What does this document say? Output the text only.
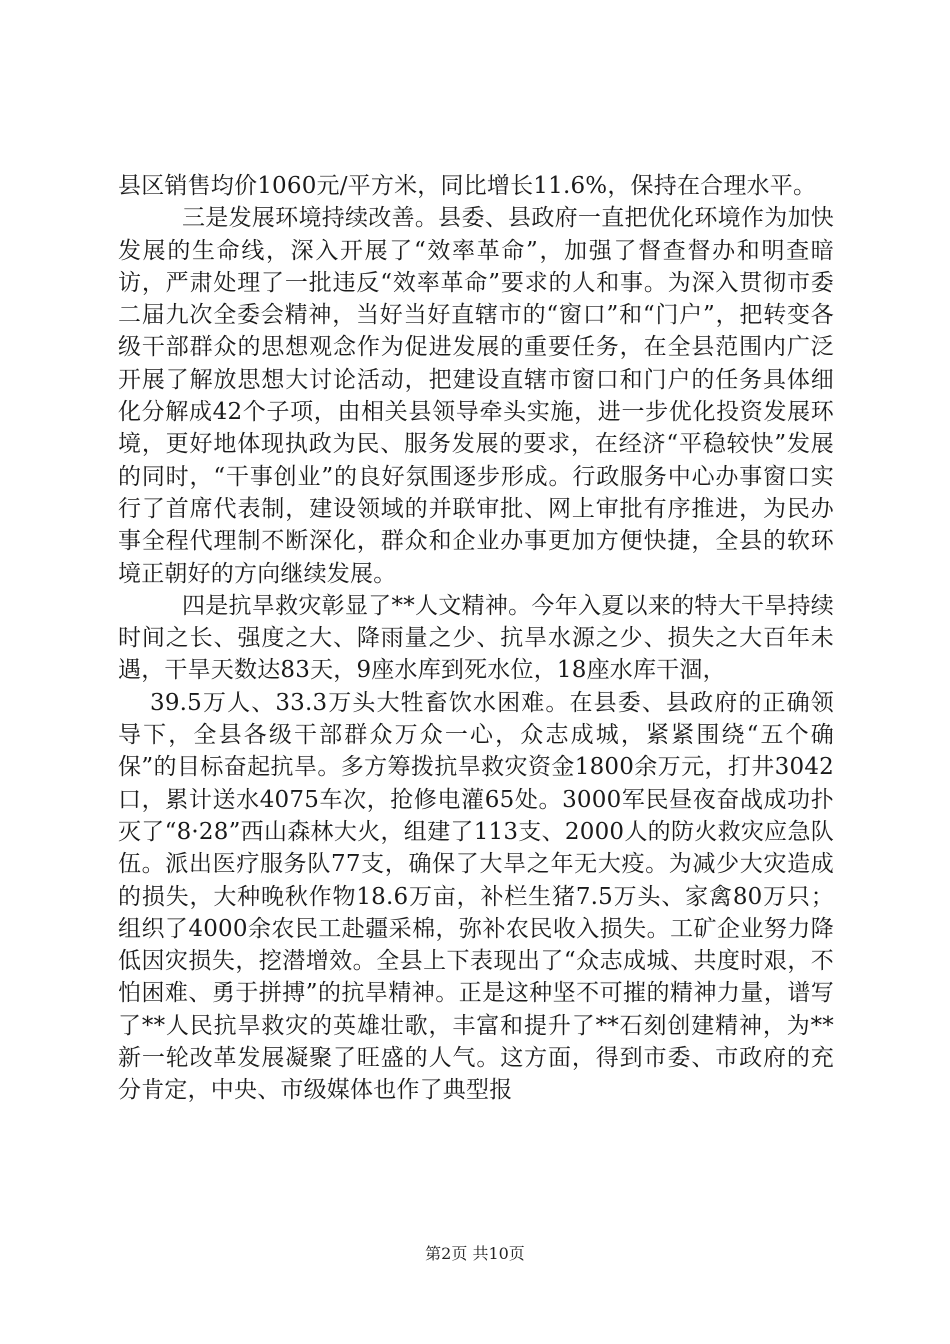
县区销售均价1060元/平方米，同比增长11.6%，保持在合理水平。

三是发展环境持续改善。县委、县政府一直把优化环境作为加快发展的生命线，深入开展了“效率革命”，加强了督查督办和明查暗访，严肃处理了一批违反“效率革命”要求的人和事。为深入贯彻市委二届九次全委会精神，当好当好直辖市的“窗口”和“门户”，把转变各级干部群众的思想观念作为促进发展的重要任务，在全县范围内广泛开展了解放思想大讨论活动，把建设直辖市窗口和门户的任务具体细化分解成42个子项，由相关县领导牵头实施，进一步优化投资发展环境，更好地体现执政为民、服务发展的要求，在经济“平稳较快”发展的同时，“干事创业”的良好氛围逐步形成。行政服务中心办事窗口实行了首席代表制，建设领域的并联审批、网上审批有序推进，为民办事全程代理制不断深化，群众和企业办事更加方便快捷，全县的软环境正朝好的方向继续发展。

四是抗旱救灾彰显了**人文精神。今年入夏以来的特大干旱持续时间之长、强度之大、降雨量之少、抗旱水源之少、损失之大百年未遇，干旱天数达83天，9座水库到死水位，18座水库干涸，

39.5万人、33.3万头大牲畜饮水困难。在县委、县政府的正确领导下，全县各级干部群众万众一心，众志成城，紧紧围绕“五个确保”的目标奋起抗旱。多方筹拨抗旱救灾资金1800余万元，打井3042口，累计送水4075车次，抢修电灌65处。3000军民昼夜奋战成功扑灭了“8·28”西山森林大火，组建了113支、2000人的防火救灾应急队伍。派出医疗服务队77支，确保了大旱之年无大疫。为减少大灾造成的损失，大种晚秋作物18.6万亩，补栏生猪7.5万头、家禽80万只；组织了4000余农民工赴疆采棉，弥补农民收入损失。工矿企业努力降低因灾损失，挖潜增效。全县上下表现出了“众志成城、共度时艰，不怕困难、勇于拼搏”的抗旱精神。正是这种坚不可摧的精神力量，谱写了**人民抗旱救灾的英雄壮歌，丰富和提升了**石刻创建精神，为**新一轮改革发展凝聚了旺盛的人气。这方面，得到市委、市政府的充分肯定，中央、市级媒体也作了典型报

第2页 共10页
